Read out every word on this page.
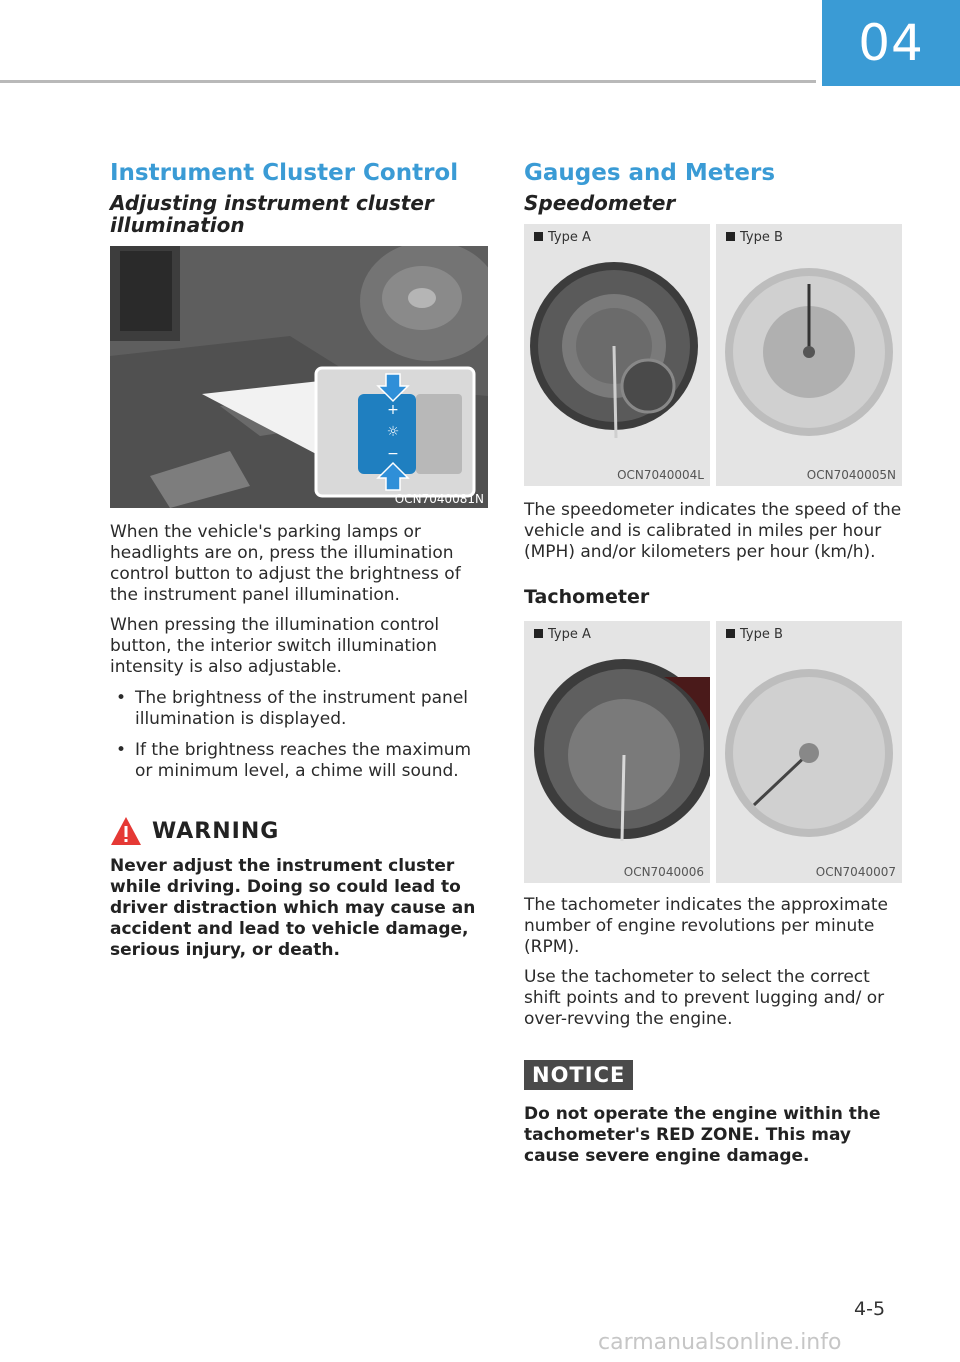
04
Instrument Cluster Control
Adjusting instrument cluster illumination
+
☼
−
OCN7040081N

When the vehicle's parking lamps or headlights are on, press the illumination control button to adjust the brightness of the instrument panel illumination.

When pressing the illumination control button, the interior switch illumination intensity is also adjustable.

• The brightness of the instrument panel illumination is displayed.
• If the brightness reaches the maximum or minimum level, a chime will sound.
WARNING
Never adjust the instrument cluster while driving. Doing so could lead to driver distraction which may cause an accident and lead to vehicle damage, serious injury, or death.
Gauges and Meters
Speedometer
Type A
OCN7040004L
Type B
OCN7040005N

The speedometer indicates the speed of the vehicle and is calibrated in miles per hour (MPH) and/or kilometers per hour (km/h).

Tachometer
Type A
OCN7040006
Type B
OCN7040007

The tachometer indicates the approximate number of engine revolutions per minute (RPM).

Use the tachometer to select the correct shift points and to prevent lugging and/ or over-revving the engine.

NOTICE
Do not operate the engine within the tachometer's RED ZONE. This may cause severe engine damage.
4-5
carmanualsonline.info
